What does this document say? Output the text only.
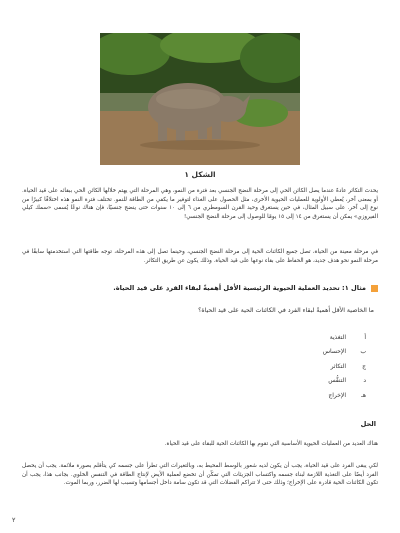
الشكل ١

يحدث التكاثر عادةً عندما يصل الكائن الحي إلى مرحلة النضج الجنسي بعد فترة من النمو، وهي المرحلة التي يهتم خلالها الكائن الحي ببقائه على قيد الحياة. أو بمعنى آخر، يُعطي الأولوية للعمليات الحيوية الأخرى، مثل الحصول على الغذاء لتوفير ما يكفي من الطاقة للنمو. تختلف فترة النمو هذه اختلافًا كبيرًا من نوع إلى آخر. على سبيل المثال، في حين يستغرق وحيد القرن السومطري من ٦ إلى ١٠ سنوات حتى ينضج جنسيًا، فإن هناك نوعًا يُسمى «سمك كيلي الفيروزي» يمكن أن يستغرق من ١٤ إلى ١٥ يومًا للوصول إلى مرحلة النضج الجنسي!

في مرحلة معينة من الحياة، تصل جميع الكائنات الحية إلى مرحلة النضج الجنسي، وحينما تصل إلى هذه المرحلة، توجه طاقتها التي استخدمتها سابقًا في مرحلة النمو نحو هدف جديد، هو الحفاظ على بقاء نوعها على قيد الحياة. وذلك يكون عن طريق التكاثر.

مثال ١: تحديد العملية الحيوية الرئيسية الأقل أهميةً لبقاء الفرد على قيد الحياة.
ما الخاصية الأقل أهميةً لبقاء الفرد في الكائنات الحية على قيد الحياة؟
أ
التغذية
ب
الإحساس
ج
التكاثر
د
التنفُّس
هـ
الإخراج
الحل

هناك العديد من العمليات الحيوية الأساسية التي تقوم بها الكائنات الحية للبقاء على قيد الحياة.

لكي يبقى الفرد على قيد الحياة، يجب أن يكون لديه شعور بالوسط المحيط به، وبالتغيرات التي تطرأ على جسمه كي يتأقلم بصورة ملائمة. يجب أن يحصل الفرد أيضًا على التغذية اللازمة لبناء جسمه واكتساب الجزيئات التي تمكّن أن تخضع لعملية الأيض لإنتاج الطاقة في التنفس الخلوي. بجانب هذا، يجب أن تكون الكائنات الحية قادرة على الإخراج؛ وذلك حتى لا تتراكم الفضلات التي قد تكون سامة داخل أجسامها وتسبب لها الضرر، وربما الموت.

٢
